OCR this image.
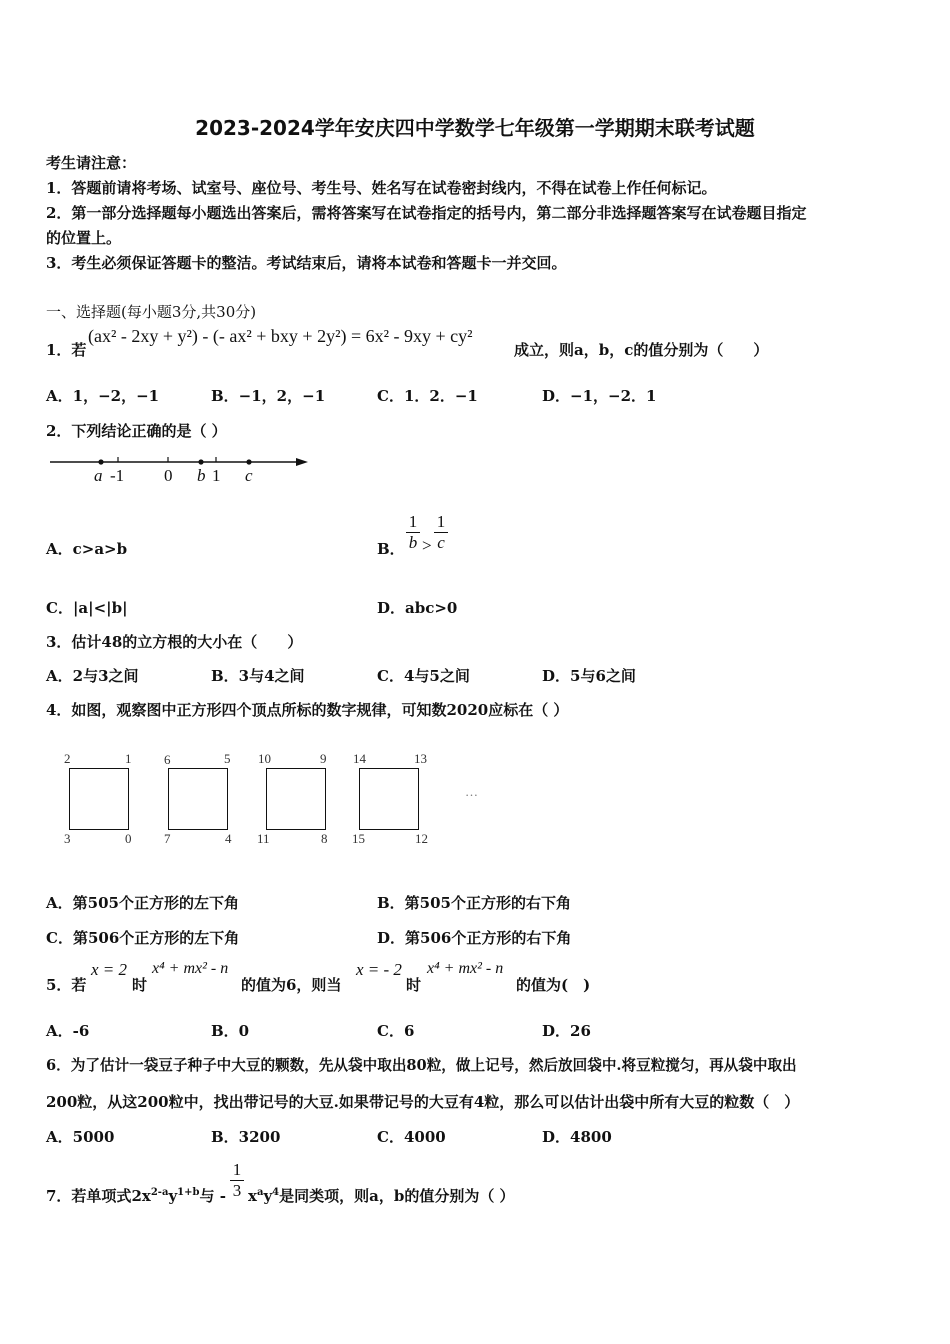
2023-2024学年安庆四中学数学七年级第一学期期末联考试题
考生请注意：
1．答题前请将考场、试室号、座位号、考生号、姓名写在试卷密封线内，不得在试卷上作任何标记。
2．第一部分选择题每小题选出答案后，需将答案写在试卷指定的括号内，第二部分非选择题答案写在试卷题目指定
的位置上。
3．考生必须保证答题卡的整洁。考试结束后，请将本试卷和答题卡一并交回。
一、选择题(每小题3分,共30分)
1．若
(ax² - 2xy + y²) - (- ax² + bxy + 2y²) = 6x² - 9xy + cy²
成立，则a，b，c的值分别为（　　）
A．1，−2，−1	B．−1，2，−1	C．1．2．−1	D．−1，−2．1
2．下列结论正确的是（ ）
a -1 0 b 1 c
A．c>a>b	B． $\frac{1}{b} > \frac{1}{c}$
C．|a|<|b|	D．abc>0
3．估计48的立方根的大小在（　　）
A．2与3之间	B．3与4之间	C．4与5之间	D．5与6之间
4．如图，观察图中正方形四个顶点所标的数字规律，可知数2020应标在（ ）
2	1
3	0
6	5
7	4
10	9
11	8
14	13
15	12
…
A．第505个正方形的左下角	B．第505个正方形的右下角
C．第506个正方形的左下角	D．第506个正方形的右下角
5．若
x = 2
时
x⁴ + mx² - n
的值为6，则当
x = - 2
时
x⁴ + mx² - n
的值为(　)
A．-6	B．0	C．6	D．26
6．为了估计一袋豆子种子中大豆的颗数，先从袋中取出80粒，做上记号，然后放回袋中.将豆粒搅匀，再从袋中取出
200粒，从这200粒中，找出带记号的大豆.如果带记号的大豆有4粒，那么可以估计出袋中所有大豆的粒数（　）
A．5000	B．3200	C．4000	D．4800
7．若单项式$2x^{2-a}y^{1+b}$与 - $\frac{1}{3} x^ay^4$是同类项，则a，b的值分别为（ ）
